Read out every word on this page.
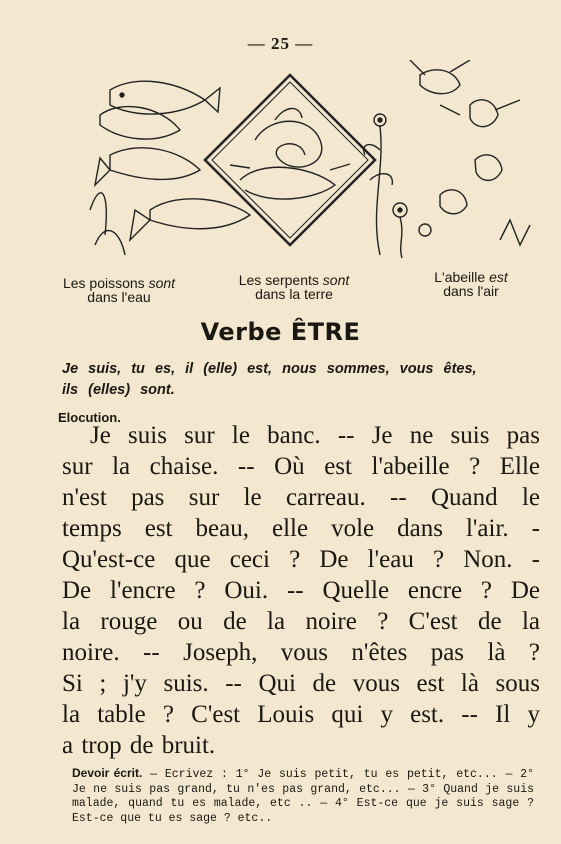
— 25 —
Les poissons sont
dans l'eau
Les serpents sont
dans la terre
L'abeille est
dans l'air
Verbe ÊTRE
Je suis, tu es, il (elle) est, nous sommes, vous êtes,
ils (elles) sont.
Elocution.
Je suis sur le banc. -- Je ne suis pas
sur la chaise. -- Où est l'abeille ? Elle
n'est pas sur le carreau. -- Quand le
temps est beau, elle vole dans l'air. -
Qu'est-ce que ceci ? De l'eau ? Non. -
De l'encre ? Oui. -- Quelle encre ? De
la rouge ou de la noire ? C'est de la
noire. -- Joseph, vous n'êtes pas là ?
Si ; j'y suis. -- Qui de vous est là sous
la table ? C'est Louis qui y est. -- Il y
a trop de bruit.
Devoir écrit. — Ecrivez : 1° Je suis petit, tu es petit, etc... — 2° Je ne suis pas grand, tu n'es pas grand, etc... — 3° Quand je suis malade, quand tu es malade, etc .. — 4° Est-ce que je suis sage ? Est-ce que tu es sage ? etc..
